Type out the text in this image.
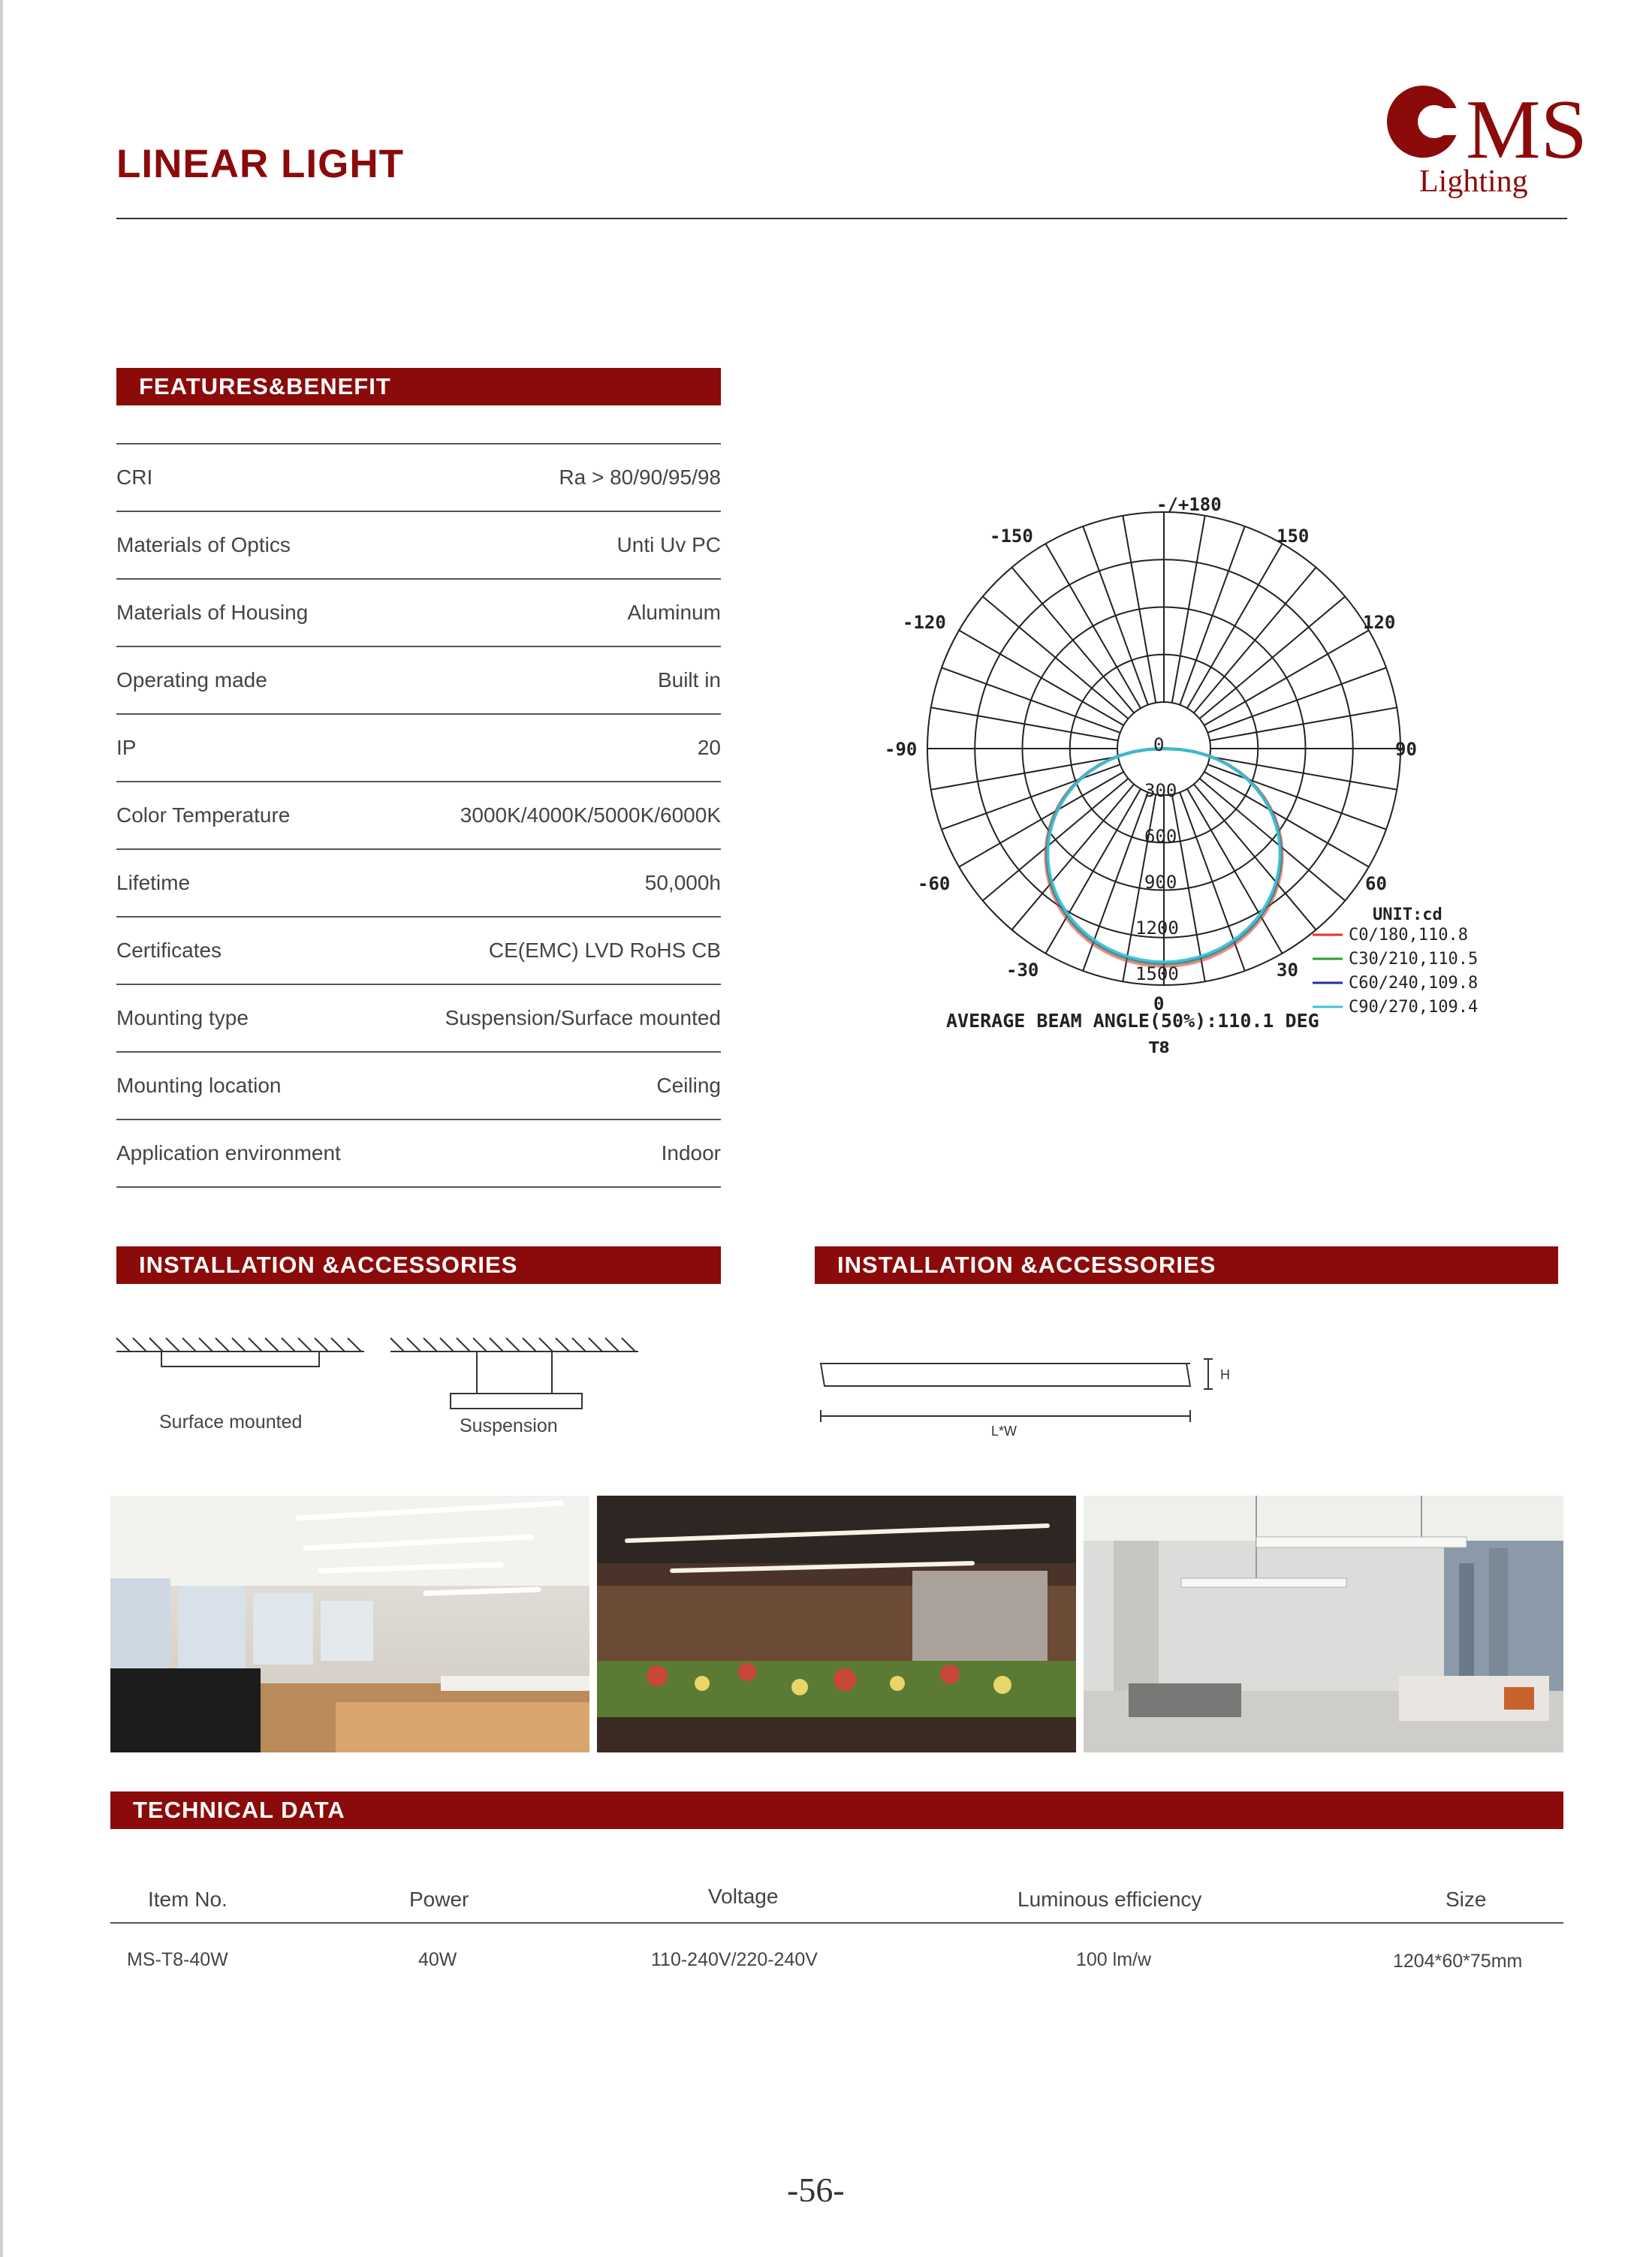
LINEAR LIGHT	MS
Lighting
FEATURES&BENEFIT
CRI	Ra > 80/90/95/98
Materials of Optics	Unti Uv PC
Materials of Housing	Aluminum
Operating made	Built in
IP	20
Color Temperature	3000K/4000K/5000K/6000K
Lifetime	50,000h
Certificates	CE(EMC) LVD RoHS CB
Mounting type	Suspension/Surface mounted
Mounting location	Ceiling
Application environment	Indoor
-/+180
-150	150
-120	120
-90	90
-60	60
-30	30
0
0
300
600
900
1200
1500
UNIT:cd
C0/180,110.8
C30/210,110.5
C60/240,109.8
C90/270,109.4
AVERAGE BEAM ANGLE(50%):110.1 DEG
T8
INSTALLATION &ACCESSORIES	INSTALLATION &ACCESSORIES
Surface mounted	Suspension
H
L*W
TECHNICAL DATA
Item No.	Power	Voltage	Luminous efficiency	Size
MS-T8-40W	40W	110-240V/220-240V	100 lm/w	1204*60*75mm
-56-
